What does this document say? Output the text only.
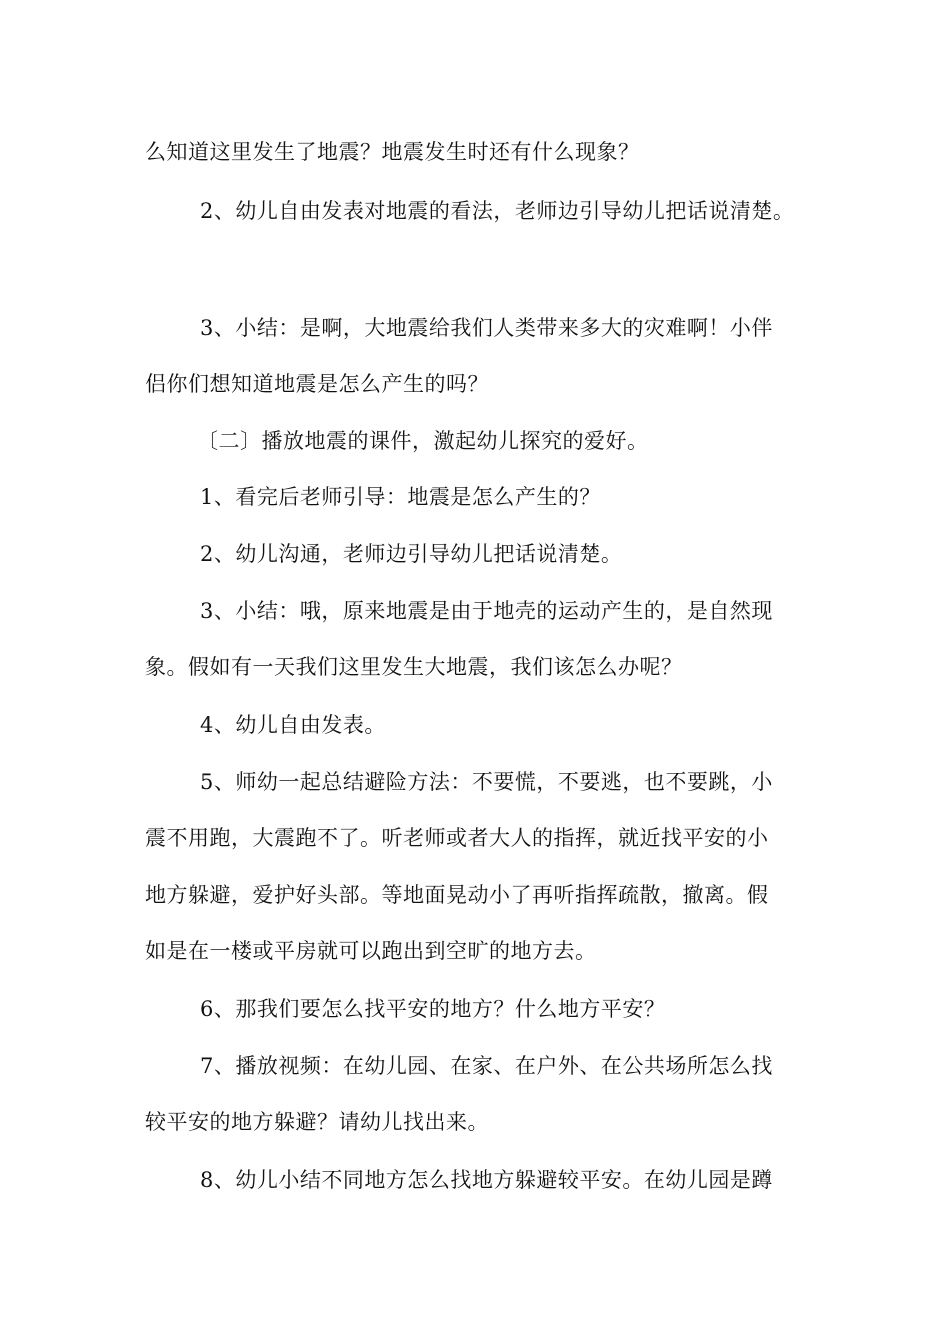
么知道这里发生了地震？地震发生时还有什么现象？
2、幼儿自由发表对地震的看法，老师边引导幼儿把话说清楚。
3、小结：是啊，大地震给我们人类带来多大的灾难啊！小伴
侣你们想知道地震是怎么产生的吗？
〔二〕播放地震的课件，激起幼儿探究的爱好。
1、看完后老师引导：地震是怎么产生的？
2、幼儿沟通，老师边引导幼儿把话说清楚。
3、小结：哦，原来地震是由于地壳的运动产生的，是自然现
象。假如有一天我们这里发生大地震，我们该怎么办呢？
4、幼儿自由发表。
5、师幼一起总结避险方法：不要慌，不要逃，也不要跳，小
震不用跑，大震跑不了。听老师或者大人的指挥，就近找平安的小
地方躲避，爱护好头部。等地面晃动小了再听指挥疏散，撤离。假
如是在一楼或平房就可以跑出到空旷的地方去。
6、那我们要怎么找平安的地方？什么地方平安？
7、播放视频：在幼儿园、在家、在户外、在公共场所怎么找
较平安的地方躲避？请幼儿找出来。
8、幼儿小结不同地方怎么找地方躲避较平安。在幼儿园是蹲
